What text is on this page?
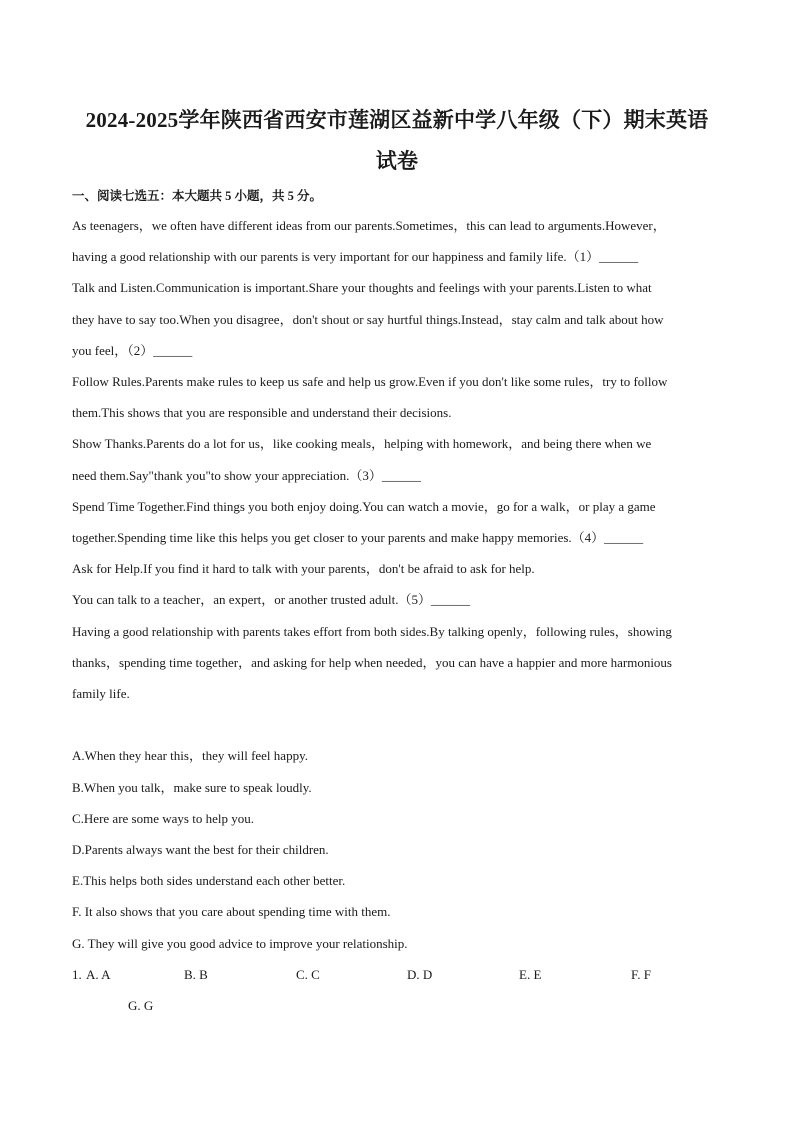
2024-2025学年陕西省西安市莲湖区益新中学八年级（下）期末英语
试卷
一、阅读七选五：本大题共 5 小题，共 5 分。
As teenagers，we often have different ideas from our parents.Sometimes，this can lead to arguments.However，
having a good relationship with our parents is very important for our happiness and family life.（1）______
Talk and Listen.Communication is important.Share your thoughts and feelings with your parents.Listen to what
they have to say too.When you disagree，don't shout or say hurtful things.Instead，stay calm and talk about how
you feel，（2）______
Follow Rules.Parents make rules to keep us safe and help us grow.Even if you don't like some rules，try to follow
them.This shows that you are responsible and understand their decisions.
Show Thanks.Parents do a lot for us，like cooking meals，helping with homework，and being there when we
need them.Say"thank you"to show your appreciation.（3）______
Spend Time Together.Find things you both enjoy doing.You can watch a movie，go for a walk，or play a game
together.Spending time like this helps you get closer to your parents and make happy memories.（4）______
Ask for Help.If you find it hard to talk with your parents，don't be afraid to ask for help.
You can talk to a teacher，an expert，or another trusted adult.（5）______
Having a good relationship with parents takes effort from both sides.By talking openly，following rules，showing
thanks，spending time together，and asking for help when needed，you can have a happier and more harmonious
family life.
A.When they hear this，they will feel happy.
B.When you talk，make sure to speak loudly.
C.Here are some ways to help you.
D.Parents always want the best for their children.
E.This helps both sides understand each other better.
F. It also shows that you care about spending time with them.
G. They will give you good advice to improve your relationship.
1. A. A	B. B	C. C	D. D	E. E	F. F
G. G
